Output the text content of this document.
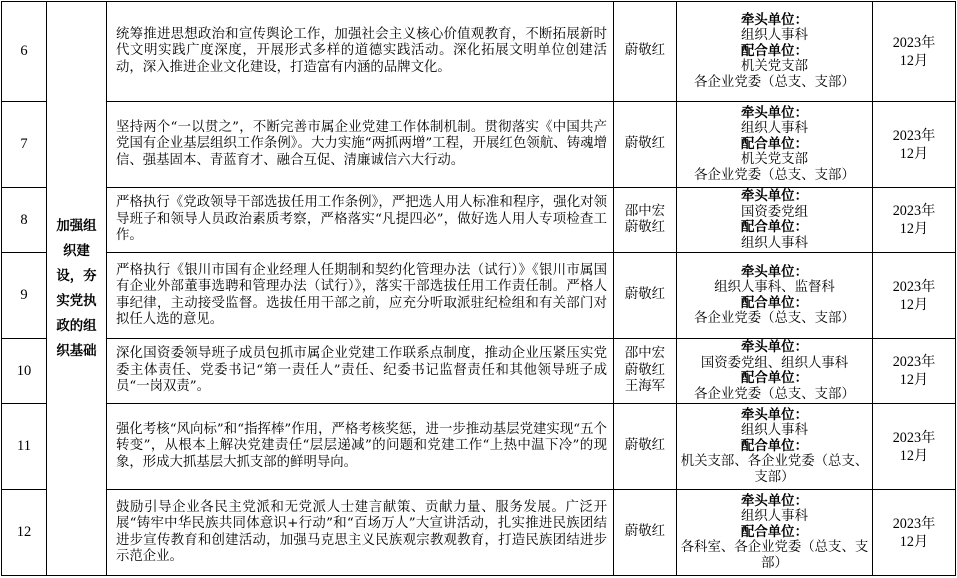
6	加强组织建设，夯实党执政的组织基础	统筹推进思想政治和宣传舆论工作，加强社会主义核心价值观教育，不断拓展新时代文明实践广度深度，开展形式多样的道德实践活动。深化拓展文明单位创建活动，深入推进企业文化建设，打造富有内涵的品牌文化。	蔚敬红	牵头单位：
组织人事科
配合单位：
机关党支部
各企业党委（总支、支部）	2023年
12月
7		坚持两个“一以贯之”，不断完善市属企业党建工作体制机制。贯彻落实《中国共产党国有企业基层组织工作条例》。大力实施“两抓两增”工程，开展红色领航、铸魂增信、强基固本、青蓝育才、融合互促、清廉诚信六大行动。	蔚敬红	牵头单位：
组织人事科
配合单位：
机关党支部
各企业党委（总支、支部）	2023年
12月
8		严格执行《党政领导干部选拔任用工作条例》，严把选人用人标准和程序，强化对领导班子和领导人员政治素质考察，严格落实“凡提四必”，做好选人用人专项检查工作。	邵中宏
蔚敬红	牵头单位：
国资委党组
配合单位：
组织人事科	2023年
12月
9		严格执行《银川市国有企业经理人任期制和契约化管理办法（试行）》《银川市属国有企业外部董事选聘和管理办法（试行）》，落实干部选拔任用工作责任制。严格人事纪律，主动接受监督。选拔任用干部之前，应充分听取派驻纪检组和有关部门对拟任人选的意见。	蔚敬红	牵头单位：
组织人事科、监督科
配合单位：
各企业党委（总支、支部）	2023年
12月
10		深化国资委领导班子成员包抓市属企业党建工作联系点制度，推动企业压紧压实党委主体责任、党委书记“第一责任人”责任、纪委书记监督责任和其他领导班子成员“一岗双责”。	邵中宏
蔚敬红
王海军	牵头单位：
国资委党组、组织人事科
配合单位：
各企业党委（总支、支部）	2023年
12月
11		强化考核“风向标”和“指挥棒”作用，严格考核奖惩，进一步推动基层党建实现“五个转变”，从根本上解决党建责任“层层递减”的问题和党建工作“上热中温下冷”的现象，形成大抓基层大抓支部的鲜明导向。	蔚敬红	牵头单位：
组织人事科
配合单位：
机关支部、各企业党委（总支、支部）	2023年
12月
12		鼓励引导企业各民主党派和无党派人士建言献策、贡献力量、服务发展。广泛开展“铸牢中华民族共同体意识+行动”和“百场万人”大宣讲活动，扎实推进民族团结进步宣传教育和创建活动，加强马克思主义民族观宗教观教育，打造民族团结进步示范企业。	蔚敬红	牵头单位：
组织人事科
配合单位：
各科室、各企业党委（总支、支部）	2023年
12月
